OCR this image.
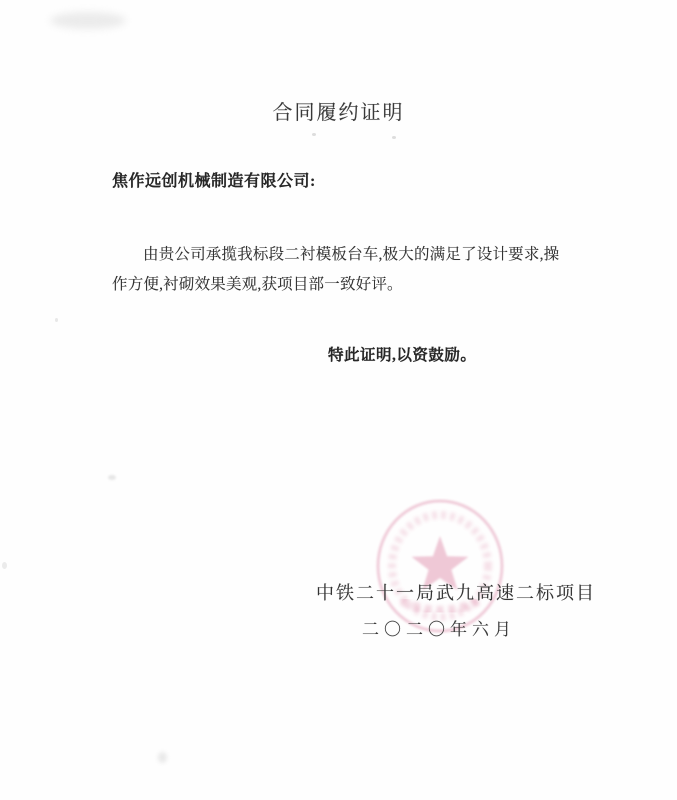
合同履约证明
焦作远创机械制造有限公司:
由贵公司承揽我标段二衬模板台车,极大的满足了设计要求,操
作方便,衬砌效果美观,获项目部一致好评。
特此证明,以资鼓励。
中铁二十一局武九高速二标项目
二〇二〇年六月
